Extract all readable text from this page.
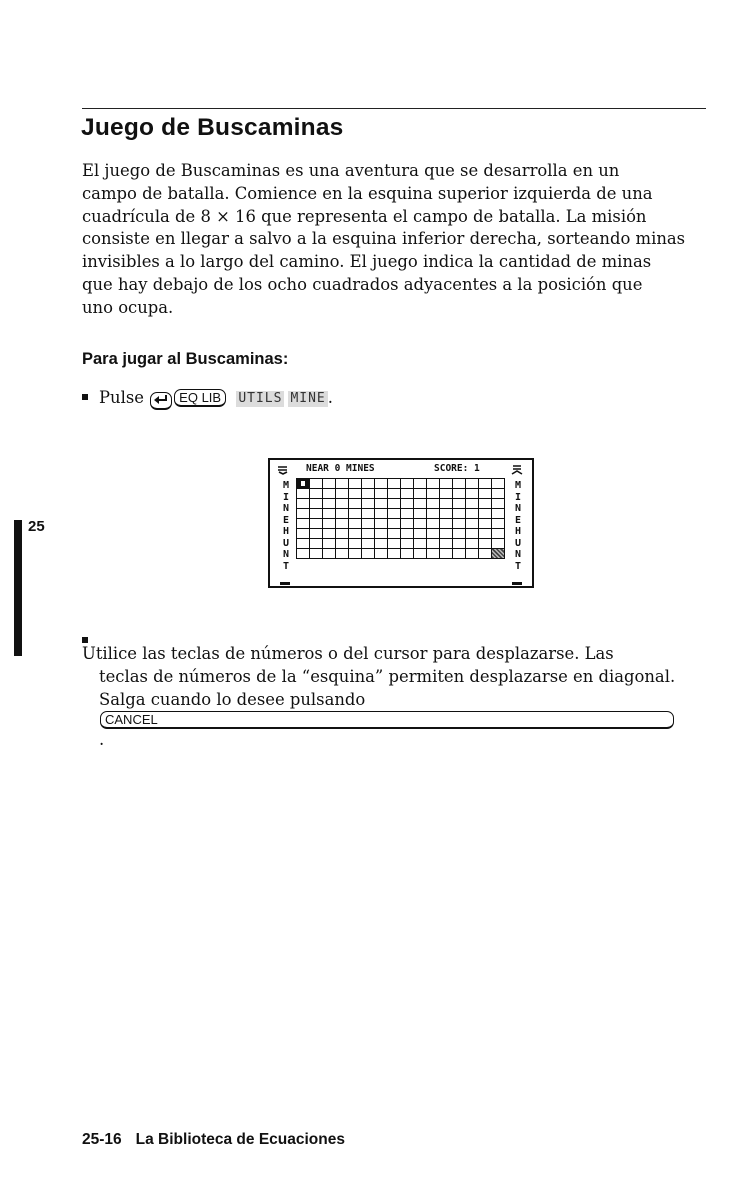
Juego de Buscaminas
El juego de Buscaminas es una aventura que se desarrolla en un
campo de batalla. Comience en la esquina superior izquierda de una
cuadrícula de 8 × 16 que representa el campo de batalla. La misión
consiste en llegar a salvo a la esquina inferior derecha, sorteando minas
invisibles a lo largo del camino. El juego indica la cantidad de minas
que hay debajo de los ocho cuadrados adyacentes a la posición que
uno ocupa.
Para jugar al Buscaminas:
Pulse	EQ LIB UTILS MINE .
NEAR 0 MINES	SCORE: 1
M
I
N
E
H
U
N
T
M
I
N
E
H
U
N
T
Utilice las teclas de números o del cursor para desplazarse. Las
teclas de números de la “esquina” permiten desplazarse en diagonal.
Salga cuando lo desee pulsando
CANCEL
.
25

25-16 La Biblioteca de Ecuaciones
